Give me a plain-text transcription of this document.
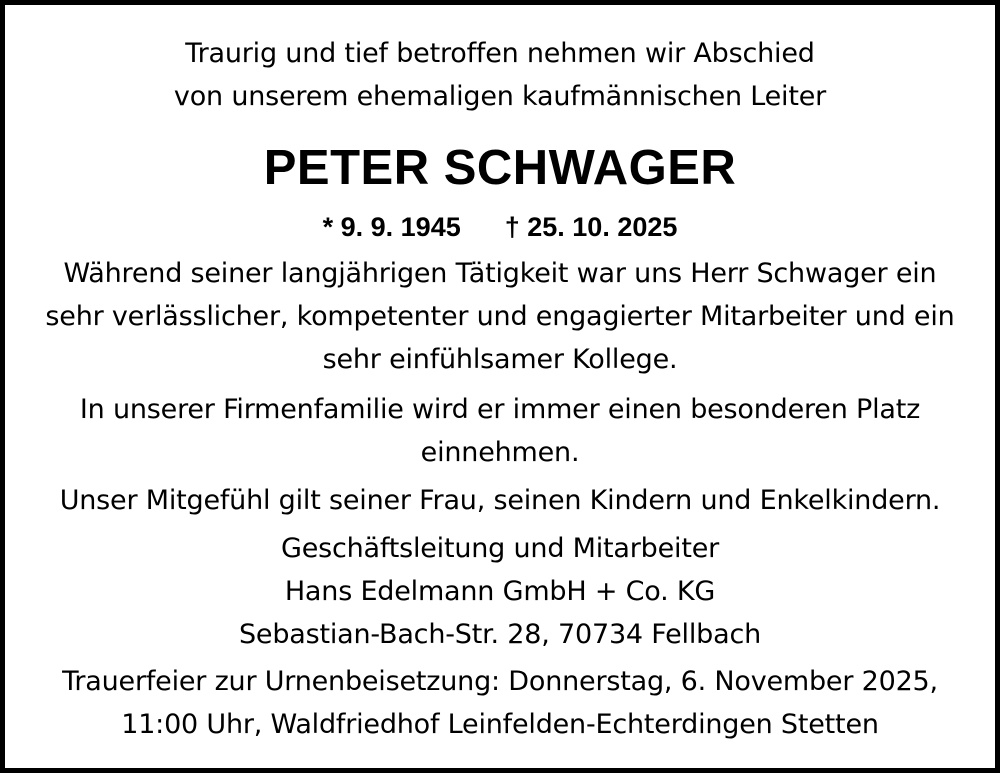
Traurig und tief betroffen nehmen wir Abschied
von unserem ehemaligen kaufmännischen Leiter
PETER SCHWAGER
* 9. 9. 1945 † 25. 10. 2025
Während seiner langjährigen Tätigkeit war uns Herr Schwager ein
sehr verlässlicher, kompetenter und engagierter Mitarbeiter und ein
sehr einfühlsamer Kollege.
In unserer Firmenfamilie wird er immer einen besonderen Platz
einnehmen.
Unser Mitgefühl gilt seiner Frau, seinen Kindern und Enkelkindern.
Geschäftsleitung und Mitarbeiter
Hans Edelmann GmbH + Co. KG
Sebastian-Bach-Str. 28, 70734 Fellbach
Trauerfeier zur Urnenbeisetzung: Donnerstag, 6. November 2025,
11:00 Uhr, Waldfriedhof Leinfelden-Echterdingen Stetten
